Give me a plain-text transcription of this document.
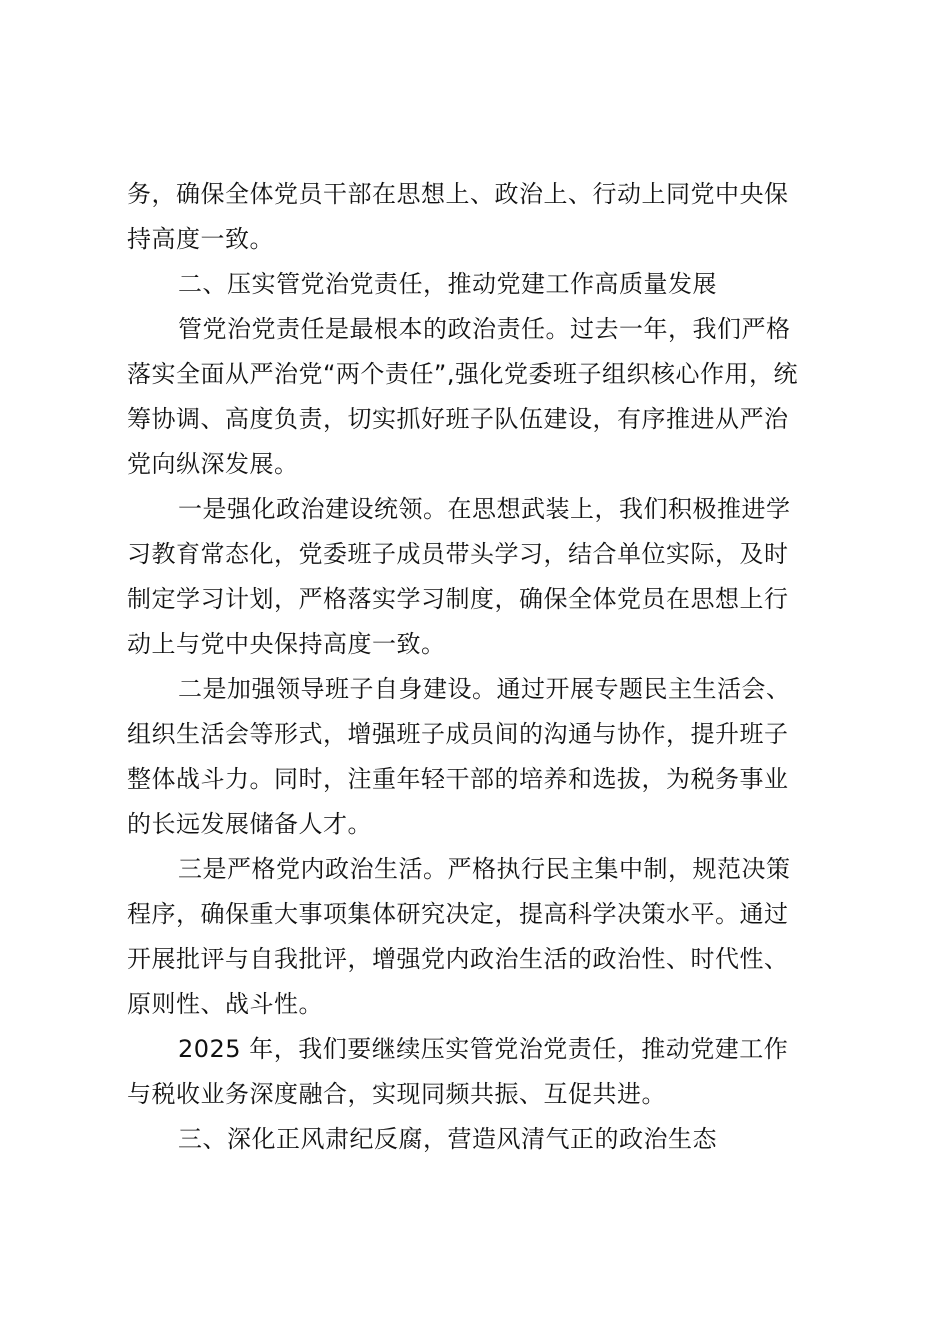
务，确保全体党员干部在思想上、政治上、行动上同党中央保
持高度一致。
二、压实管党治党责任，推动党建工作高质量发展
管党治党责任是最根本的政治责任。过去一年，我们严格
落实全面从严治党“两个责任”,强化党委班子组织核心作用，统
筹协调、高度负责，切实抓好班子队伍建设，有序推进从严治
党向纵深发展。
一是强化政治建设统领。在思想武装上，我们积极推进学
习教育常态化，党委班子成员带头学习，结合单位实际，及时
制定学习计划，严格落实学习制度，确保全体党员在思想上行
动上与党中央保持高度一致。
二是加强领导班子自身建设。通过开展专题民主生活会、
组织生活会等形式，增强班子成员间的沟通与协作，提升班子
整体战斗力。同时，注重年轻干部的培养和选拔，为税务事业
的长远发展储备人才。
三是严格党内政治生活。严格执行民主集中制，规范决策
程序，确保重大事项集体研究决定，提高科学决策水平。通过
开展批评与自我批评，增强党内政治生活的政治性、时代性、
原则性、战斗性。
2025 年，我们要继续压实管党治党责任，推动党建工作
与税收业务深度融合，实现同频共振、互促共进。
三、深化正风肃纪反腐，营造风清气正的政治生态
